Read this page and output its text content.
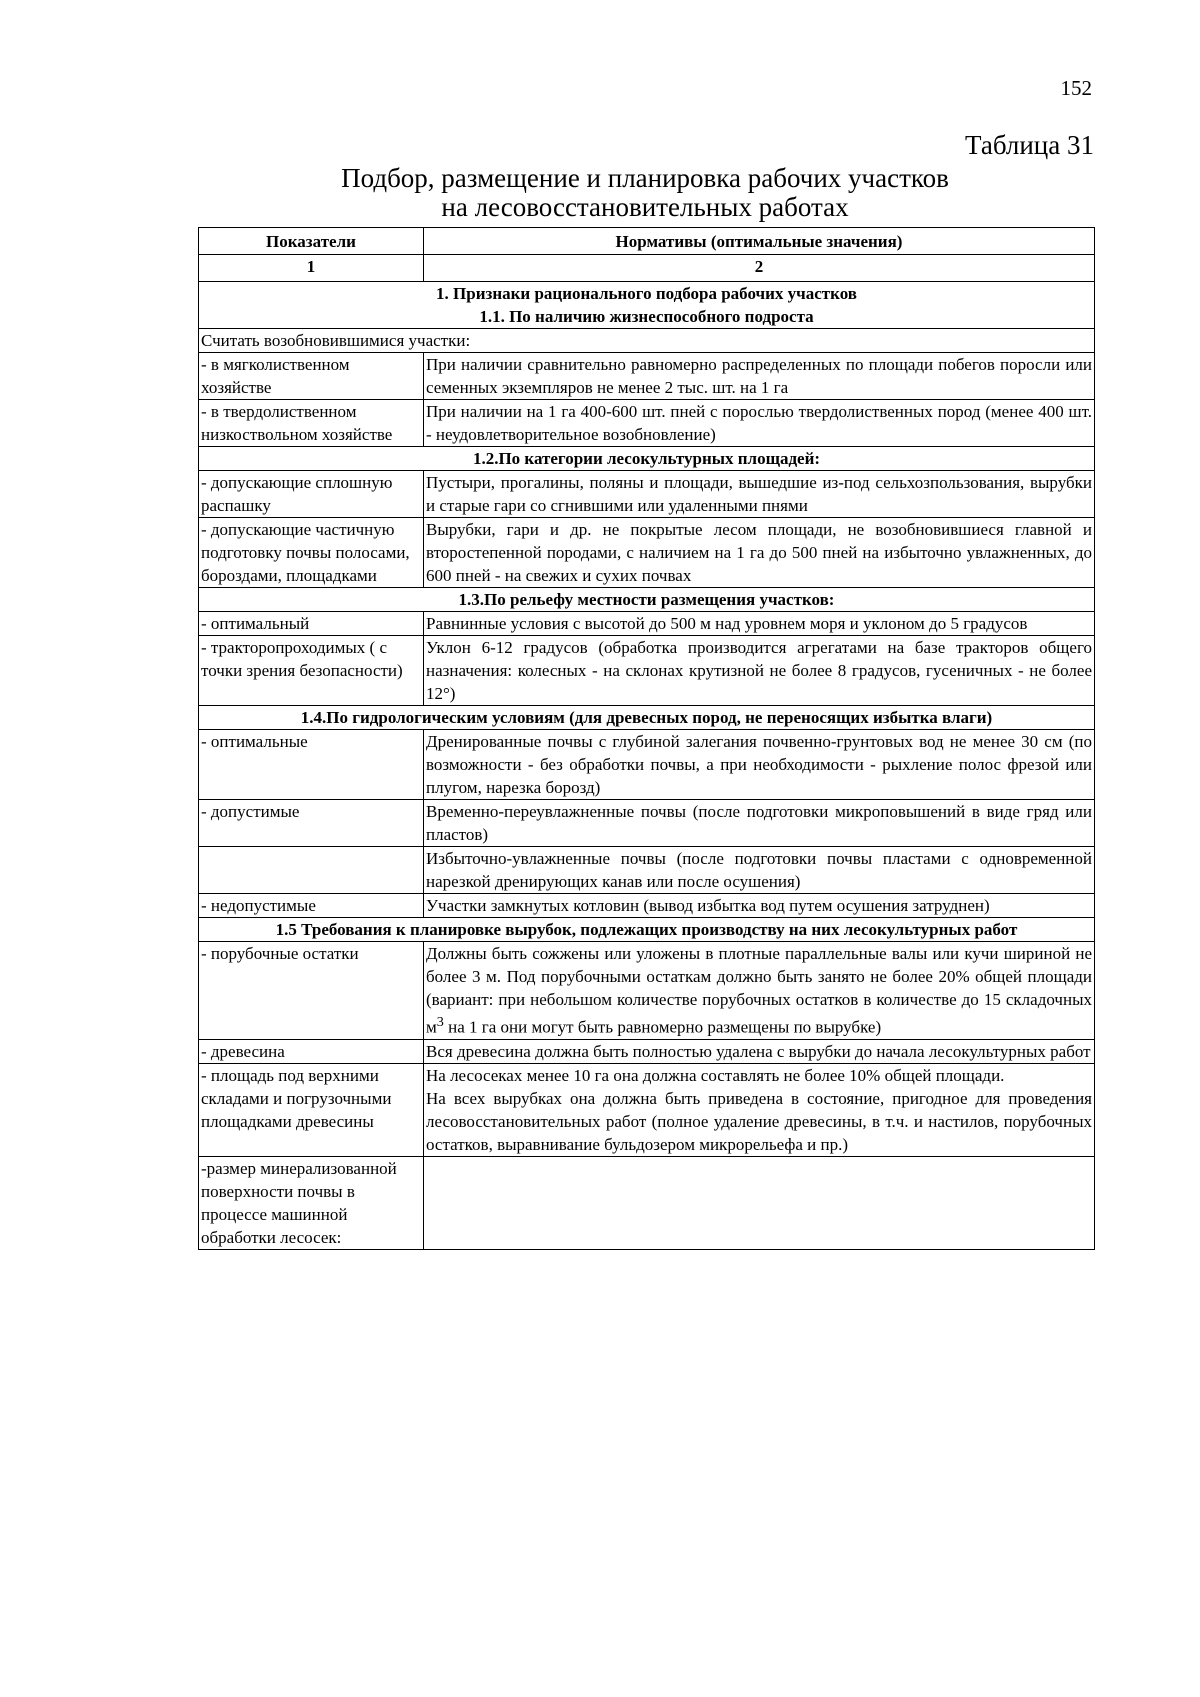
152
Таблица 31
Подбор, размещение и планировка рабочих участков
на лесовосстановительных работах
Показатели	Нормативы (оптимальные значения)
1	2

1. Признаки рационального подбора рабочих участков
1.1. По наличию жизнеспособного подроста	

Считать возобновившимися участки:	
- в мягколиственном хозяйстве	При наличии сравнительно равномерно распределенных по площади побегов поросли или семенных экземпляров не менее 2 тыс. шт. на 1 га
- в твердолиственном низкоствольном хозяйстве	При наличии на 1 га 400-600 шт. пней с порослью твердолиственных пород (менее 400 шт. - неудовлетворительное возобновление)
1.2.По категории лесокультурных площадей:	
- допускающие сплошную распашку	Пустыри, прогалины, поляны и площади, вышедшие из-под сельхозпользования, вырубки и старые гари со сгнившими или удаленными пнями
- допускающие частичную подготовку почвы полосами, бороздами, площадками	Вырубки, гари и др. не покрытые лесом площади, не возобновившиеся главной и второстепенной породами, с наличием на 1 га до 500 пней на избыточно увлажненных, до 600 пней - на свежих и сухих почвах
1.3.По рельефу местности размещения участков:	
- оптимальный	Равнинные условия с высотой до 500 м над уровнем моря и уклоном до 5 градусов
- тракторопроходимых ( с точки зрения безопасности)	Уклон 6-12 градусов (обработка производится агрегатами на базе тракторов общего назначения: колесных - на склонах крутизной не более 8 градусов, гусеничных - не более 12°)
1.4.По гидрологическим условиям (для древесных пород, не переносящих избытка влаги)	
- оптимальные	Дренированные почвы с глубиной залегания почвенно-грунтовых вод не менее 30 см (по возможности - без обработки почвы, а при необходимости - рыхление полос фрезой или плугом, нарезка борозд)
- допустимые	Временно-переувлажненные почвы (после подготовки микроповышений в виде гряд или пластов)
	Избыточно-увлажненные почвы (после подготовки почвы пластами с одновременной нарезкой дренирующих канав или после осушения)
- недопустимые	Участки замкнутых котловин (вывод избытка вод путем осушения затруднен)
1.5 Требования к планировке вырубок, подлежащих производству на них лесокультурных работ	
- порубочные остатки	Должны быть сожжены или уложены в плотные параллельные валы или кучи шириной не более 3 м. Под порубочными остаткам должно быть занято не более 20% общей площади (вариант: при небольшом количестве порубочных остатков в количестве до 15 складочных $м^3$ на 1 га они могут быть равномерно размещены по вырубке)
- древесина	Вся древесина должна быть полностью удалена с вырубки до начала лесокультурных работ
- площадь под верхними складами и погрузочными площадками древесины	На лесосеках менее 10 га она должна составлять не более 10% общей площади.
На всех вырубках она должна быть приведена в состояние, пригодное для проведения лесовосстановительных работ (полное удаление древесины, в т.ч. и настилов, порубочных остатков, выравнивание бульдозером микрорельефа и пр.)

-размер минерализованной поверхности почвы в процессе машинной обработки лесосек:	
